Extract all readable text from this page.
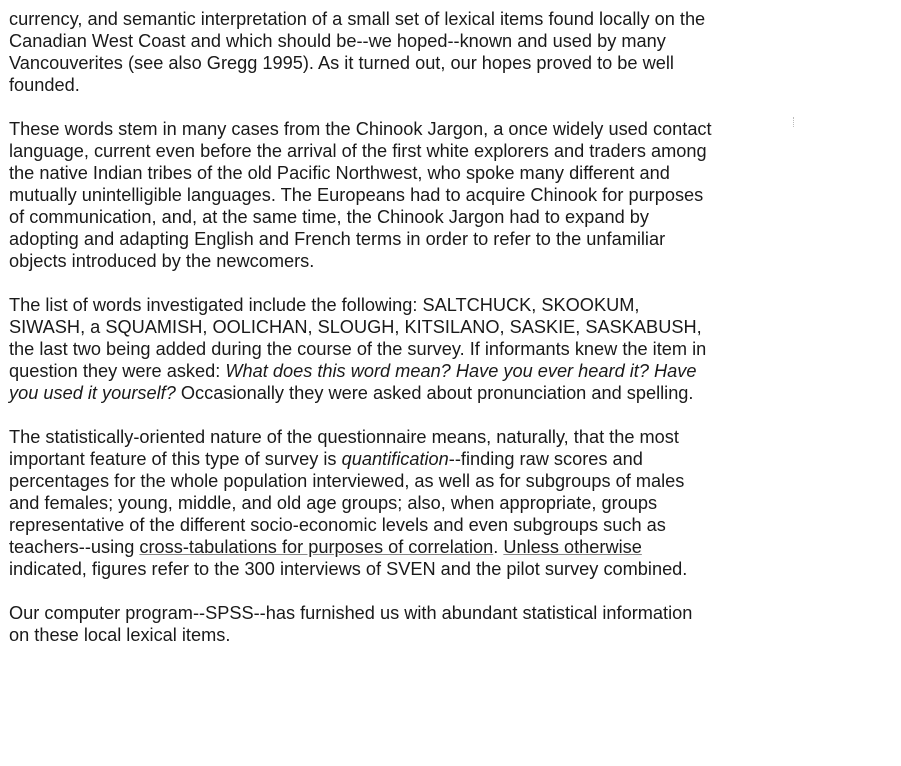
currency, and semantic interpretation of a small set of lexical items found locally on the
Canadian West Coast and which should be--we hoped--known and used by many
Vancouverites (see also Gregg 1995). As it turned out, our hopes proved to be well
founded.

These words stem in many cases from the Chinook Jargon, a once widely used contact
language, current even before the arrival of the first white explorers and traders among
the native Indian tribes of the old Pacific Northwest, who spoke many different and
mutually unintelligible languages. The Europeans had to acquire Chinook for purposes
of communication, and, at the same time, the Chinook Jargon had to expand by
adopting and adapting English and French terms in order to refer to the unfamiliar
objects introduced by the newcomers.

The list of words investigated include the following: SALTCHUCK, SKOOKUM,
SIWASH, a SQUAMISH, OOLICHAN, SLOUGH, KITSILANO, SASKIE, SASKABUSH,
the last two being added during the course of the survey. If informants knew the item in
question they were asked: What does this word mean? Have you ever heard it? Have
you used it yourself? Occasionally they were asked about pronunciation and spelling.

The statistically-oriented nature of the questionnaire means, naturally, that the most
important feature of this type of survey is quantification--finding raw scores and
percentages for the whole population interviewed, as well as for subgroups of males
and females; young, middle, and old age groups; also, when appropriate, groups
representative of the different socio-economic levels and even subgroups such as
teachers--using cross-tabulations for purposes of correlation. Unless otherwise
indicated, figures refer to the 300 interviews of SVEN and the pilot survey combined.

Our computer program--SPSS--has furnished us with abundant statistical information
on these local lexical items.
